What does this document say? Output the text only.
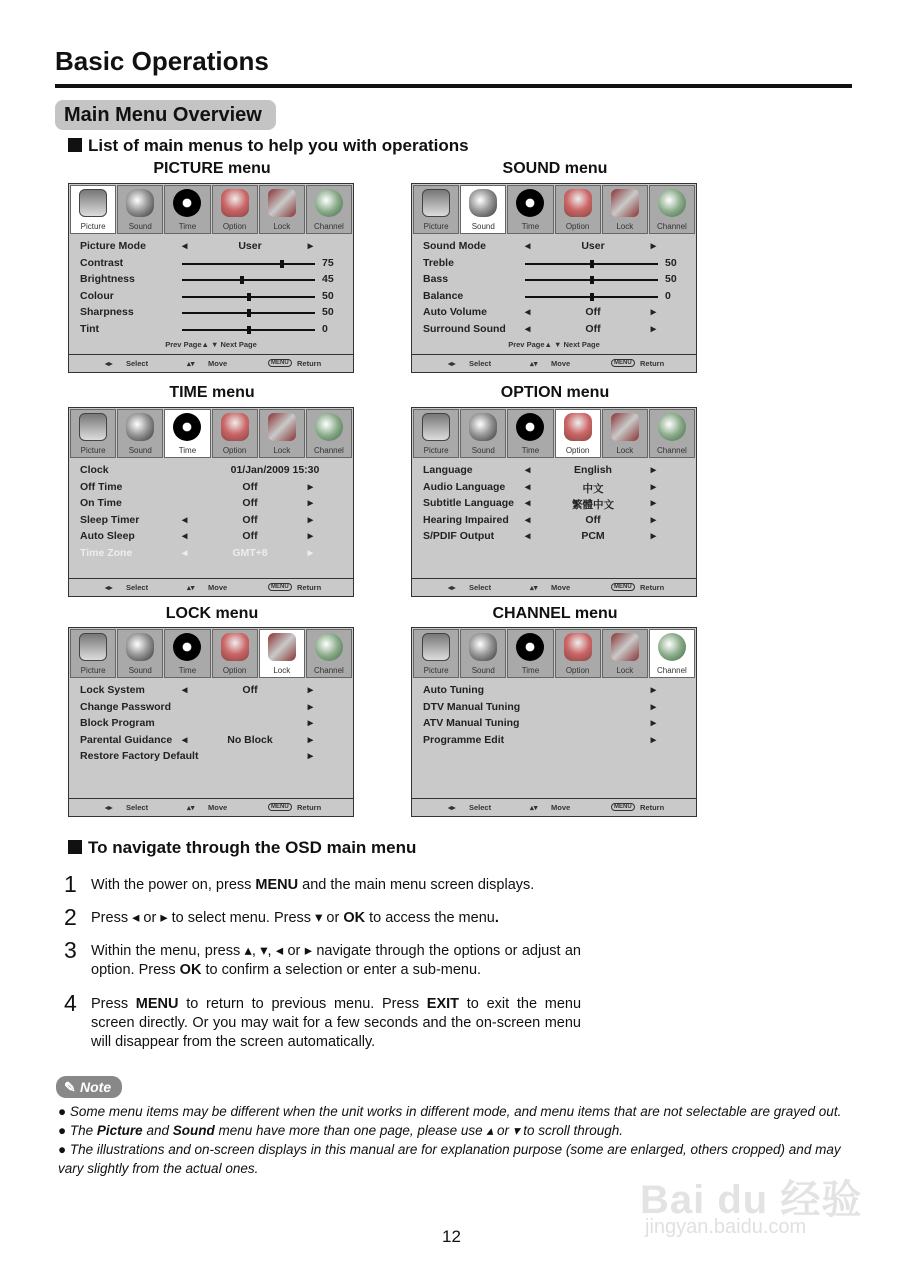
Basic Operations
Main Menu Overview
List of main menus to help you with operations
PICTURE menu
Picture	Sound	Time	Option	Lock	Channel
Picture Mode	◂	User	▸
Contrast	75
Brightness	45
Colour	50
Sharpness	50
Tint	0
Prev Page▲ ▼ Next Page
◂▸ Select	▴▾ Move	MENU	Return
SOUND menu
Picture	Sound	Time	Option	Lock	Channel
Sound Mode	◂	User	▸
Treble	50
Bass	50
Balance	0
Auto Volume	◂	Off	▸
Surround Sound ◂	Off	▸
Prev Page▲ ▼ Next Page
◂▸ Select	▴▾ Move	MENU	Return
TIME menu
Picture	Sound	Time	Option	Lock	Channel
Clock	01/Jan/2009 15:30
Off Time	Off	▸
On Time	Off	▸
Sleep Timer	◂	Off	▸
Auto Sleep	◂	Off	▸
Time Zone	◂	GMT+8	▸
◂▸ Select	▴▾ Move	MENU	Return
OPTION menu
Picture	Sound	Time	Option	Lock	Channel
Language	◂	English	▸
Audio Language ◂	中文	▸
Subtitle Language ◂	繁體中文	▸
Hearing Impaired ◂	Off	▸
S/PDIF Output	◂	PCM	▸
◂▸ Select	▴▾ Move	MENU	Return
LOCK menu
Picture	Sound	Time	Option	Lock	Channel
Lock System	◂	Off	▸
Change Password	▸
Block Program	▸
Parental Guidance ◂	No Block	▸
Restore Factory Default	▸
◂▸ Select	▴▾ Move	MENU	Return
CHANNEL menu
Picture	Sound	Time	Option	Lock	Channel
Auto Tuning	▸
DTV Manual Tuning	▸
ATV Manual Tuning	▸
Programme Edit	▸
◂▸ Select	▴▾ Move	MENU	Return
To navigate through the OSD main menu
1 With the power on, press MENU and the main menu screen displays.
2 Press ◂ or ▸ to select menu. Press ▾ or OK to access the menu.
3 Within the menu, press ▴, ▾, ◂ or ▸ navigate through the options or adjust an option. Press OK to confirm a selection or enter a sub-menu.
4 Press MENU to return to previous menu. Press EXIT to exit the menu screen directly. Or you may wait for a few seconds and the on-screen menu will disappear from the screen automatically.
✎ Note
● Some menu items may be different when the unit works in different mode, and menu items that are not selectable are grayed out.
● The Picture and Sound menu have more than one page, please use ▴ or ▾ to scroll through.
● The illustrations and on-screen displays in this manual are for explanation purpose (some are enlarged, others cropped) and may vary slightly from the actual ones.
12
Bai du 经验
jingyan.baidu.com
